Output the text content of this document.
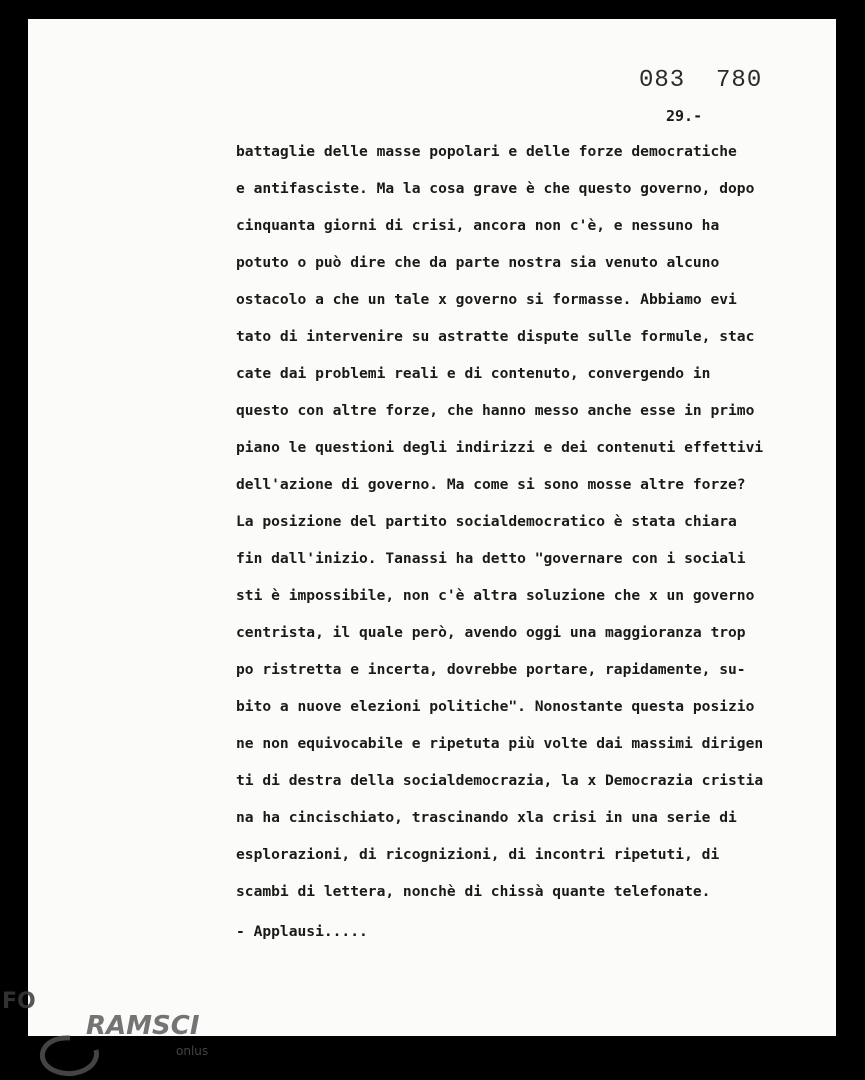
083  780
29.-
battaglie delle masse popolari e delle forze democratiche
e antifasciste. Ma la cosa grave è che questo governo, dopo
cinquanta giorni di crisi, ancora non c'è, e nessuno ha
potuto o può dire che da parte nostra sia venuto alcuno
ostacolo a che un tale x governo si formasse. Abbiamo evi
tato di intervenire su astratte dispute sulle formule, stac
cate dai problemi reali e di contenuto, convergendo in
questo con altre forze, che hanno messo anche esse in primo
piano le questioni degli indirizzi e dei contenuti effettivi
dell'azione di governo. Ma come si sono mosse altre forze?
La posizione del partito socialdemocratico è stata chiara
fin dall'inizio. Tanassi ha detto "governare con i sociali
sti è impossibile, non c'è altra soluzione che x un governo
centrista, il quale però, avendo oggi una maggioranza trop
po ristretta e incerta, dovrebbe portare, rapidamente, su-
bito a nuove elezioni politiche". Nonostante questa posizio
ne non equivocabile e ripetuta più volte dai massimi dirigen
ti di destra della socialdemocrazia, la x Democrazia cristia
na ha cincischiato, trascinando xla crisi in una serie di
esplorazioni, di ricognizioni, di incontri ripetuti, di
scambi di lettera, nonchè di chissà quante telefonate.
- Applausi.....
FO
RAMSCI
onlus
